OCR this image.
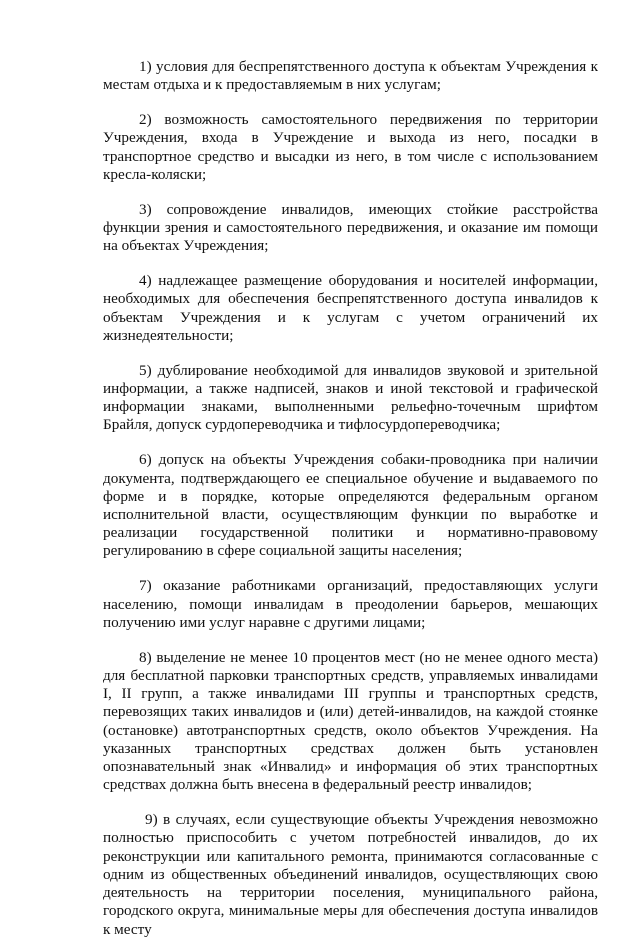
1) условия для беспрепятственного доступа к объектам Учреждения к местам отдыха и к предоставляемым в них услугам;

2) возможность самостоятельного передвижения по территории Учреждения, входа в Учреждение и выхода из него, посадки в транспортное средство и высадки из него, в том числе с использованием кресла-коляски;

3) сопровождение инвалидов, имеющих стойкие расстройства функции зрения и самостоятельного передвижения, и оказание им помощи на объектах Учреждения;

4) надлежащее размещение оборудования и носителей информации, необходимых для обеспечения беспрепятственного доступа инвалидов к объектам Учреждения и к услугам с учетом ограничений их жизнедеятельности;

5) дублирование необходимой для инвалидов звуковой и зрительной информации, а также надписей, знаков и иной текстовой и графической информации знаками, выполненными рельефно-точечным шрифтом Брайля, допуск сурдопереводчика и тифлосурдопереводчика;

6) допуск на объекты Учреждения собаки-проводника при наличии документа, подтверждающего ее специальное обучение и выдаваемого по форме и в порядке, которые определяются федеральным органом исполнительной власти, осуществляющим функции по выработке и реализации государственной политики и нормативно-правовому регулированию в сфере социальной защиты населения;

7) оказание работниками организаций, предоставляющих услуги населению, помощи инвалидам в преодолении барьеров, мешающих получению ими услуг наравне с другими лицами;

8) выделение не менее 10 процентов мест (но не менее одного места) для бесплатной парковки транспортных средств, управляемых инвалидами I, II групп, а также инвалидами III группы и транспортных средств, перевозящих таких инвалидов и (или) детей-инвалидов, на каждой стоянке (остановке) автотранспортных средств, около объектов Учреждения. На указанных транспортных средствах должен быть установлен опознавательный знак «Инвалид» и информация об этих транспортных средствах должна быть внесена в федеральный реестр инвалидов;

9) в случаях, если существующие объекты Учреждения невозможно полностью приспособить с учетом потребностей инвалидов, до их реконструкции или капитального ремонта, принимаются согласованные с одним из общественных объединений инвалидов, осуществляющих свою деятельность на территории поселения, муниципального района, городского округа, минимальные меры для обеспечения доступа инвалидов к месту
